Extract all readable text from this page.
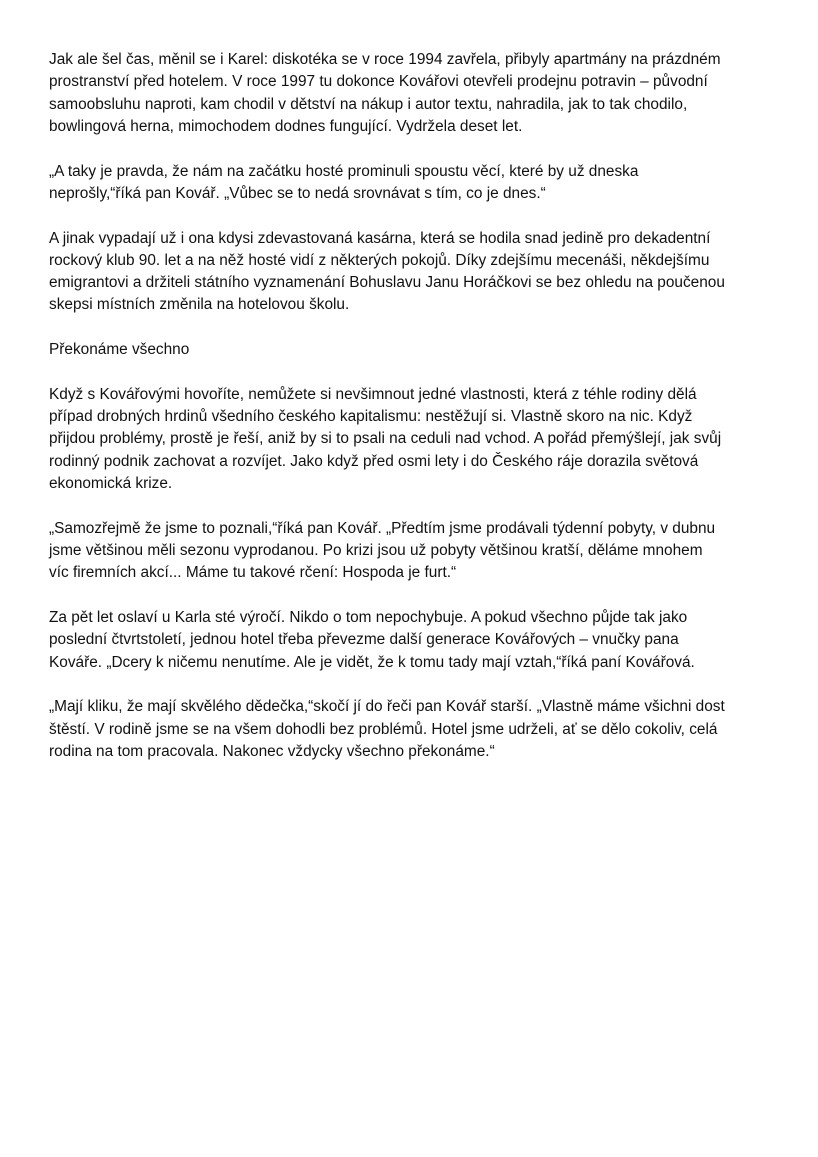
Jak ale šel čas, měnil se i Karel: diskotéka se v roce 1994 zavřela, přibyly apartmány na prázdném
prostranství před hotelem. V roce 1997 tu dokonce Kovářovi otevřeli prodejnu potravin – původní
samoobsluhu naproti, kam chodil v dětství na nákup i autor textu, nahradila, jak to tak chodilo,
bowlingová herna, mimochodem dodnes fungující. Vydržela deset let.

„A taky je pravda, že nám na začátku hosté prominuli spoustu věcí, které by už dneska
neprošly,“říká pan Kovář. „Vůbec se to nedá srovnávat s tím, co je dnes.“

A jinak vypadají už i ona kdysi zdevastovaná kasárna, která se hodila snad jedině pro dekadentní
rockový klub 90. let a na něž hosté vidí z některých pokojů. Díky zdejšímu mecenáši, někdejšímu
emigrantovi a držiteli státního vyznamenání Bohuslavu Janu Horáčkovi se bez ohledu na poučenou
skepsi místních změnila na hotelovou školu.

Překonáme všechno

Když s Kovářovými hovoříte, nemůžete si nevšimnout jedné vlastnosti, která z téhle rodiny dělá
případ drobných hrdinů všedního českého kapitalismu: nestěžují si. Vlastně skoro na nic. Když
přijdou problémy, prostě je řeší, aniž by si to psali na ceduli nad vchod. A pořád přemýšlejí, jak svůj
rodinný podnik zachovat a rozvíjet. Jako když před osmi lety i do Českého ráje dorazila světová
ekonomická krize.

„Samozřejmě že jsme to poznali,“říká pan Kovář. „Předtím jsme prodávali týdenní pobyty, v dubnu
jsme většinou měli sezonu vyprodanou. Po krizi jsou už pobyty většinou kratší, děláme mnohem
víc firemních akcí... Máme tu takové rčení: Hospoda je furt.“

Za pět let oslaví u Karla sté výročí. Nikdo o tom nepochybuje. A pokud všechno půjde tak jako
poslední čtvrtstoletí, jednou hotel třeba převezme další generace Kovářových – vnučky pana
Kováře. „Dcery k ničemu nenutíme. Ale je vidět, že k tomu tady mají vztah,“říká paní Kovářová.

„Mají kliku, že mají skvělého dědečka,“skočí jí do řeči pan Kovář starší. „Vlastně máme všichni dost
štěstí. V rodině jsme se na všem dohodli bez problémů. Hotel jsme udrželi, ať se dělo cokoliv, celá
rodina na tom pracovala. Nakonec vždycky všechno překonáme.“
